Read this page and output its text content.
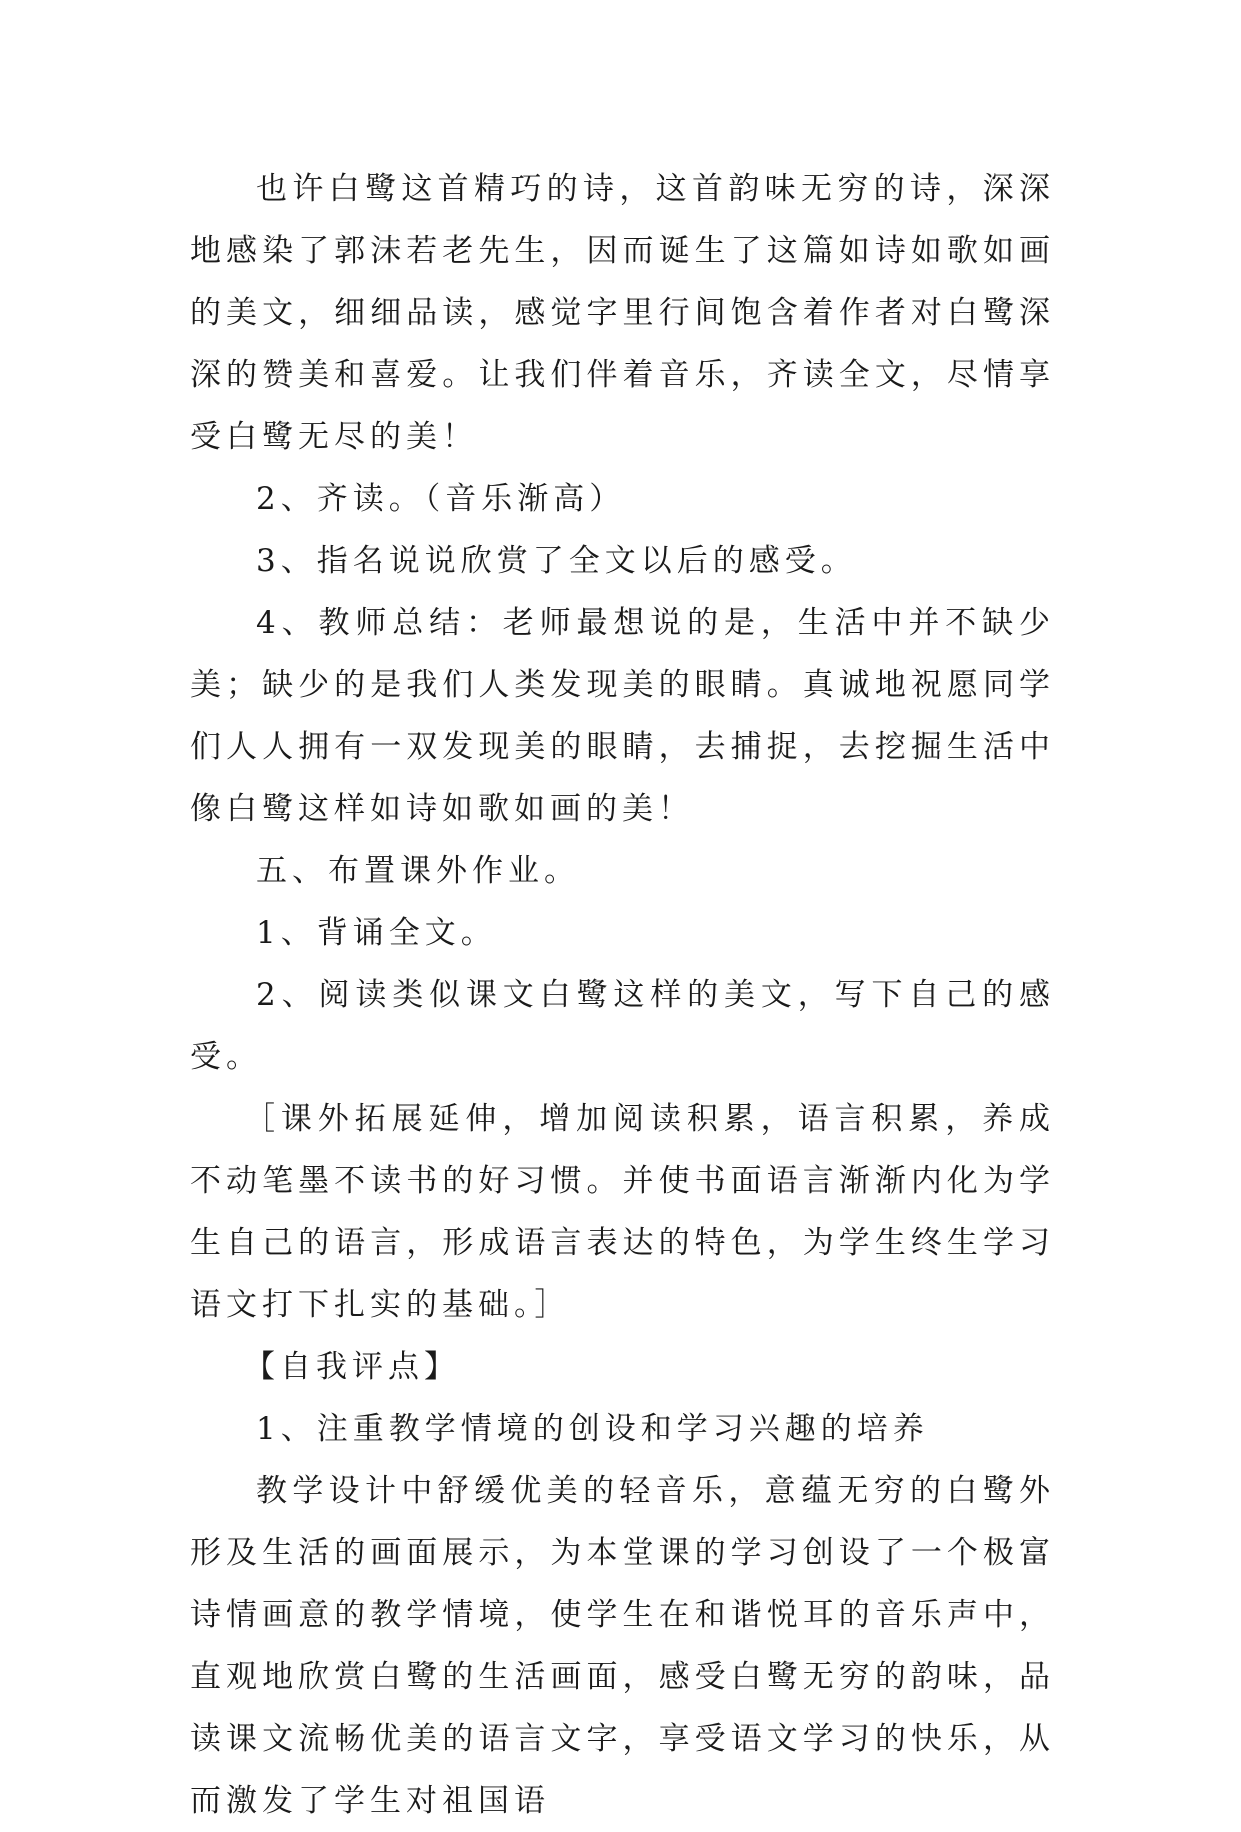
也许白鹭这首精巧的诗，这首韵味无穷的诗，深深地感染了郭沫若老先生，因而诞生了这篇如诗如歌如画的美文，细细品读，感觉字里行间饱含着作者对白鹭深深的赞美和喜爱。让我们伴着音乐，齐读全文，尽情享受白鹭无尽的美！

2、齐读。（音乐渐高）

3、指名说说欣赏了全文以后的感受。

4、教师总结：老师最想说的是，生活中并不缺少美；缺少的是我们人类发现美的眼睛。真诚地祝愿同学们人人拥有一双发现美的眼睛，去捕捉，去挖掘生活中像白鹭这样如诗如歌如画的美！

五、布置课外作业。

1、背诵全文。

2、阅读类似课文白鹭这样的美文，写下自己的感受。

［课外拓展延伸，增加阅读积累，语言积累，养成不动笔墨不读书的好习惯。并使书面语言渐渐内化为学生自己的语言，形成语言表达的特色，为学生终生学习语文打下扎实的基础。］

【自我评点】

1、注重教学情境的创设和学习兴趣的培养

教学设计中舒缓优美的轻音乐，意蕴无穷的白鹭外形及生活的画面展示，为本堂课的学习创设了一个极富诗情画意的教学情境，使学生在和谐悦耳的音乐声中，直观地欣赏白鹭的生活画面，感受白鹭无穷的韵味，品读课文流畅优美的语言文字，享受语文学习的快乐，从而激发了学生对祖国语
